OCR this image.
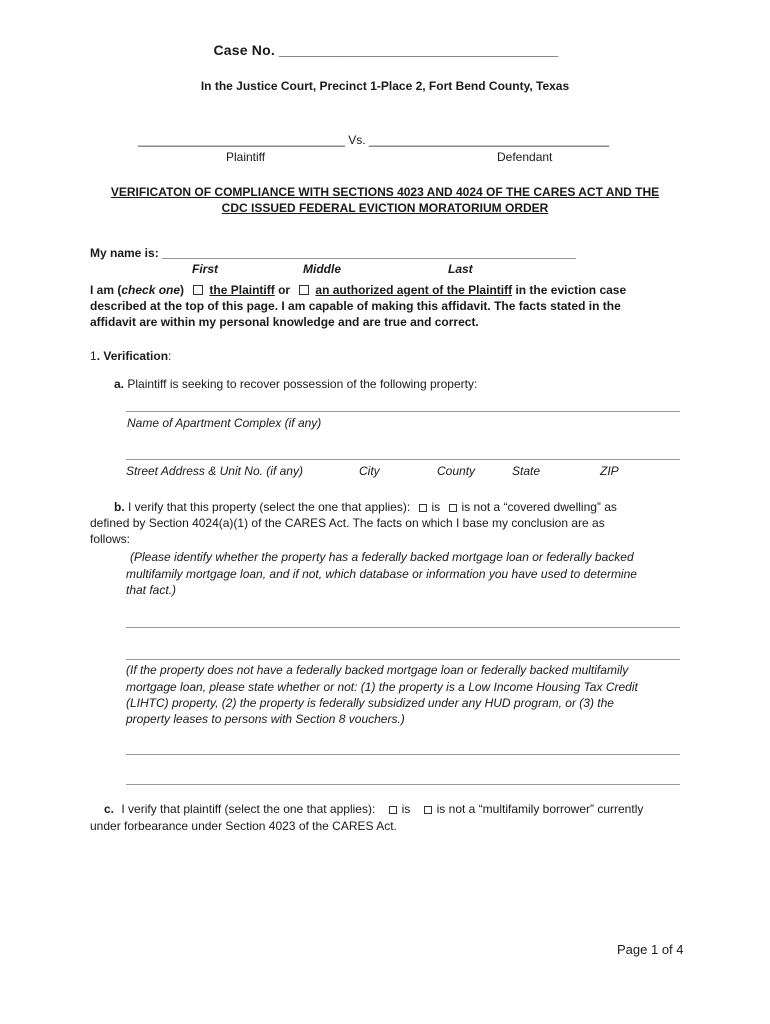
Case No. ___________________________________
In the Justice Court, Precinct 1-Place 2, Fort Bend County, Texas
_______________________________ Vs. ____________________________________
Plaintiff	Defendant
VERIFICATON OF COMPLIANCE WITH SECTIONS 4023 AND 4024 OF THE CARES ACT AND THE
CDC ISSUED FEDERAL EVICTION MORATORIUM ORDER
My name is: ______________________________________________________________
First	Middle	Last
I am (check one) the Plaintiff or an authorized agent of the Plaintiff in the eviction case
described at the top of this page. I am capable of making this affidavit. The facts stated in the
affidavit are within my personal knowledge and are true and correct.
1. Verification:
a. Plaintiff is seeking to recover possession of the following property:
Name of Apartment Complex (if any)
Street Address & Unit No. (if any)	City	County	State	ZIP
b. I verify that this property (select the one that applies): is is not a “covered dwelling” as
defined by Section 4024(a)(1) of the CARES Act. The facts on which I base my conclusion are as
follows:
(Please identify whether the property has a federally backed mortgage loan or federally backed
multifamily mortgage loan, and if not, which database or information you have used to determine
that fact.)
(If the property does not have a federally backed mortgage loan or federally backed multifamily
mortgage loan, please state whether or not: (1) the property is a Low Income Housing Tax Credit
(LIHTC) property, (2) the property is federally subsidized under any HUD program, or (3) the
property leases to persons with Section 8 vouchers.)
c. I verify that plaintiff (select the one that applies): is is not a “multifamily borrower” currently
under forbearance under Section 4023 of the CARES Act.
Page 1 of 4
